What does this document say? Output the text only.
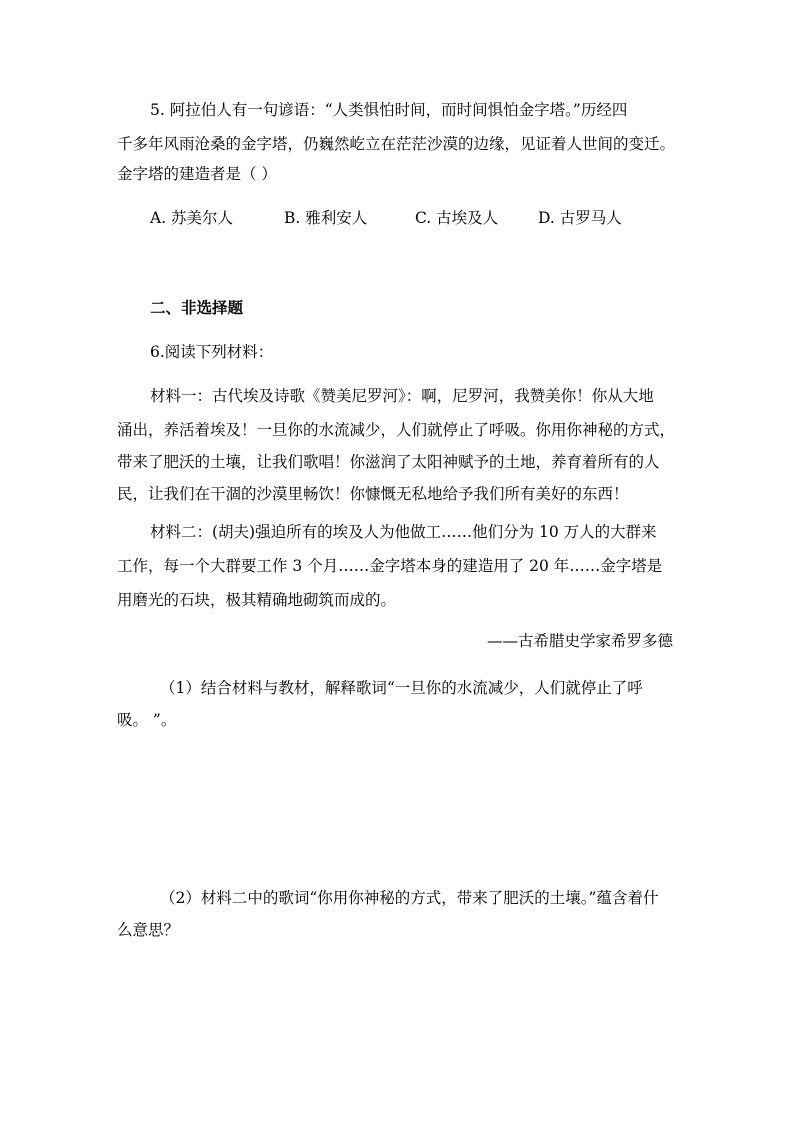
5. 阿拉伯人有一句谚语：“人类惧怕时间，而时间惧怕金字塔。”历经四
千多年风雨沧桑的金字塔，仍巍然屹立在茫茫沙漠的边缘，见证着人世间的变迁。
金字塔的建造者是（ ）
A. 苏美尔人	B. 雅利安人	C. 古埃及人	D. 古罗马人
二、非选择题
6.阅读下列材料：
材料一：古代埃及诗歌《赞美尼罗河》：啊，尼罗河，我赞美你！你从大地
涌出，养活着埃及！一旦你的水流减少，人们就停止了呼吸。你用你神秘的方式，
带来了肥沃的土壤，让我们歌唱！你滋润了太阳神赋予的土地，养育着所有的人
民，让我们在干涸的沙漠里畅饮！你慷慨无私地给予我们所有美好的东西！
材料二：(胡夫)强迫所有的埃及人为他做工……他们分为 10 万人的大群来
工作，每一个大群要工作 3 个月……金字塔本身的建造用了 20 年……金字塔是
用磨光的石块，极其精确地砌筑而成的。
——古希腊史学家希罗多德
（1）结合材料与教材，解释歌词“一旦你的水流减少，人们就停止了呼
吸。 ”。
（2）材料二中的歌词“你用你神秘的方式，带来了肥沃的土壤。”蕴含着什
么意思？
